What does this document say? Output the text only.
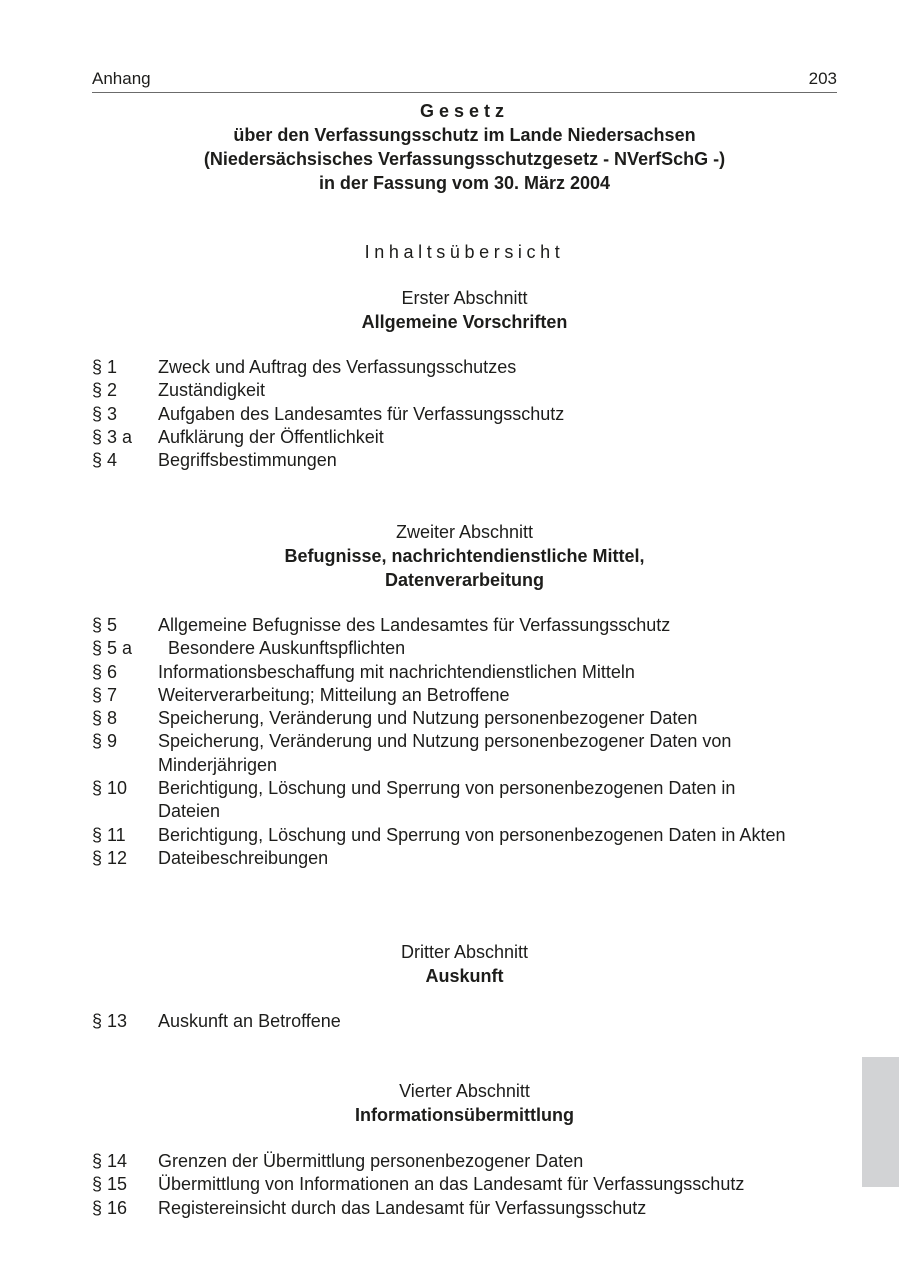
Anhang	203
Gesetz
über den Verfassungsschutz im Lande Niedersachsen
(Niedersächsisches Verfassungsschutzgesetz - NVerfSchG -)
in der Fassung vom 30. März 2004
Inhaltsübersicht
Erster Abschnitt
Allgemeine Vorschriften
§ 1	Zweck und Auftrag des Verfassungsschutzes
§ 2	Zuständigkeit
§ 3	Aufgaben des Landesamtes für Verfassungsschutz
§ 3 a	Aufklärung der Öffentlichkeit
§ 4	Begriffsbestimmungen
Zweiter Abschnitt
Befugnisse, nachrichtendienstliche Mittel,
Datenverarbeitung
§ 5	Allgemeine Befugnisse des Landesamtes für Verfassungsschutz
§ 5 a	Besondere Auskunftspflichten
§ 6	Informationsbeschaffung mit nachrichtendienstlichen Mitteln
§ 7	Weiterverarbeitung; Mitteilung an Betroffene
§ 8	Speicherung, Veränderung und Nutzung personenbezogener Daten
§ 9	Speicherung, Veränderung und Nutzung personenbezogener Daten von Minderjährigen
§ 10	Berichtigung, Löschung und Sperrung von personenbezogenen Daten in Dateien
§ 11	Berichtigung, Löschung und Sperrung von personenbezogenen Daten in Akten
§ 12	Dateibeschreibungen
Dritter Abschnitt
Auskunft
§ 13	Auskunft an Betroffene
Vierter Abschnitt
Informationsübermittlung
§ 14	Grenzen der Übermittlung personenbezogener Daten
§ 15	Übermittlung von Informationen an das Landesamt für Verfassungsschutz
§ 16	Registereinsicht durch das Landesamt für Verfassungsschutz
